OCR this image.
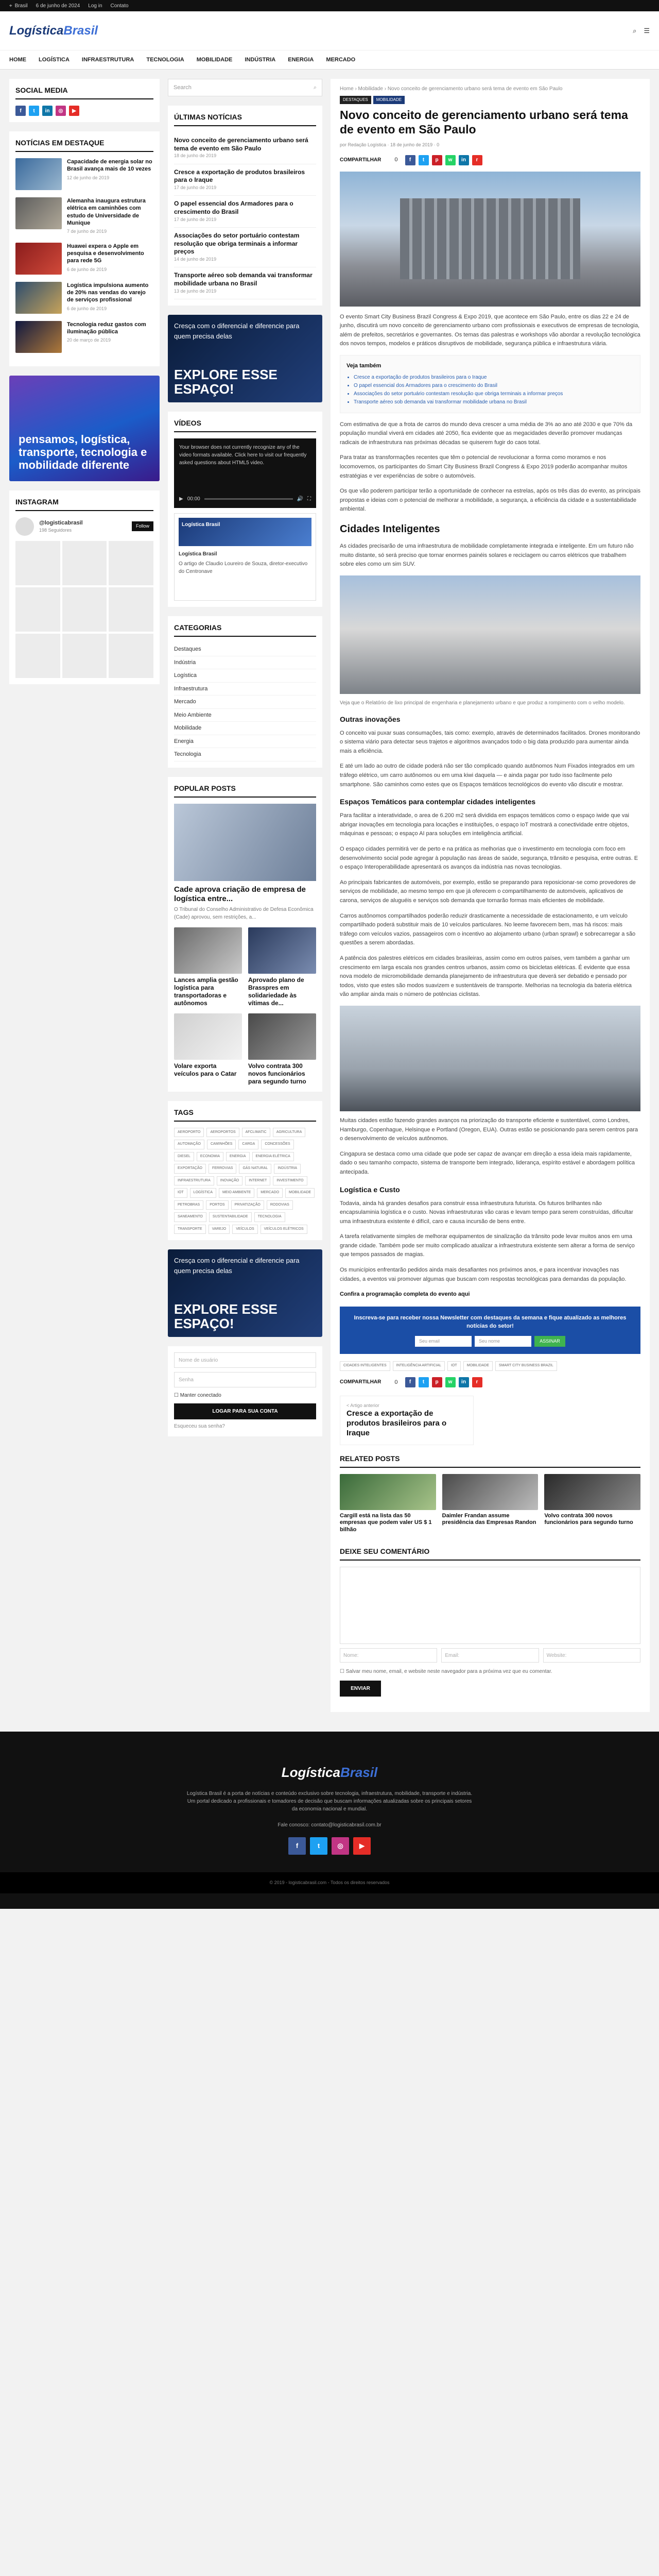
⌖ Brasil 6 de junho de 2024 Log in Contato
LogísticaBrasil	⌕ ☰
HOME LOGÍSTICA INFRAESTRUTURA TECNOLOGIA MOBILIDADE INDÚSTRIA ENERGIA MERCADO
SOCIAL MEDIA
f	t	in	◎	▶
NOTÍCIAS EM DESTAQUE
Capacidade de energia solar no Brasil avança mais de 10 vezes
12 de junho de 2019
Alemanha inaugura estrutura elétrica em caminhões com estudo de Universidade de Munique
7 de junho de 2019
Huawei expera o Apple em pesquisa e desenvolvimento para rede 5G
6 de junho de 2019
Logística impulsiona aumento de 20% nas vendas do varejo de serviços profissional
6 de junho de 2019
Tecnologia reduz gastos com iluminação pública
20 de março de 2019
pensamos, logística, transporte, tecnologia e mobilidade diferente
INSTAGRAM
@logisticabrasil
198 Seguidores
Follow
Search	⌕
ÚLTIMAS NOTÍCIAS
Novo conceito de gerenciamento urbano será tema de evento em São Paulo
18 de junho de 2019
Cresce a exportação de produtos brasileiros para o Iraque
17 de junho de 2019
O papel essencial dos Armadores para o crescimento do Brasil
17 de junho de 2019
Associações do setor portuário contestam resolução que obriga terminais a informar preços
14 de junho de 2019
Transporte aéreo sob demanda vai transformar mobilidade urbana no Brasil
13 de junho de 2019
Cresça com o diferencial e diferencie para quem precisa delas
EXPLORE ESSE ESPAÇO!
VÍDEOS
Your browser does not currently recognize any of the video formats available. Click here to visit our frequently asked questions about HTML5 video.
▶ 00:00	🔊 ⛶
Logística Brasil
Logística Brasil
O artigo de Claudio Loureiro de Souza, diretor-executivo do Centronave
CATEGORIAS
Destaques
Indústria
Logística
Infraestrutura
Mercado
Meio Ambiente
Mobilidade
Energia
Tecnologia
POPULAR POSTS
Cade aprova criação de empresa de logística entre...
O Tribunal do Conselho Administrativo de Defesa Econômica (Cade) aprovou, sem restrições, a...
Lances amplia gestão logística para transportadoras e autônomos
Aprovado plano de Brasspres em solidariedade às vítimas de...
Volare exporta veículos para o Catar
Volvo contrata 300 novos funcionários para segundo turno
TAGS
AEROPORTO	AEROPORTOS	AFCLIMATIC	AGRICULTURA
AUTOMAÇÃO	CAMINHÕES	CARGA	CONCESSÕES
DIESEL	ECONOMIA	ENERGIA	ENERGIA ELÉTRICA
EXPORTAÇÃO	FERROVIAS	GÁS NATURAL	INDÚSTRIA
INFRAESTRUTURA	INOVAÇÃO	INTERNET	INVESTIMENTO
IOT	LOGÍSTICA	MEIO AMBIENTE	MERCADO	MOBILIDADE
PETROBRAS	PORTOS	PRIVATIZAÇÃO	RODOVIAS
SANEAMENTO	SUSTENTABILIDADE	TECNOLOGIA
TRANSPORTE	VAREJO	VEÍCULOS	VEÍCULOS ELÉTRICOS
Cresça com o diferencial e diferencie para quem precisa delas
EXPLORE ESSE ESPAÇO!
Nome de usuário
Senha
☐ Manter conectado
LOGAR PARA SUA CONTA
Esqueceu sua senha?
Home › Mobilidade › Novo conceito de gerenciamento urbano será tema de evento em São Paulo
DESTAQUES	MOBILIDADE
Novo conceito de gerenciamento urbano será tema de evento em São Paulo
por Redação Logística · 18 de junho de 2019 · 0
COMPARTILHAR 0	f	t	p	w	in	r

O evento Smart City Business Brazil Congress & Expo 2019, que acontece em São Paulo, entre os dias 22 e 24 de junho, discutirá um novo conceito de gerenciamento urbano com profissionais e executivos de empresas de tecnologia, além de prefeitos, secretários e governantes. Os temas das palestras e workshops vão abordar a revolução tecnológica dos novos tempos, modelos e práticos disruptivos de mobilidade, segurança pública e infraestrutura viária.

Veja também
• Cresce a exportação de produtos brasileiros para o Iraque
• O papel essencial dos Armadores para o crescimento do Brasil
• Associações do setor portuário contestam resolução que obriga terminais a informar preços
• Transporte aéreo sob demanda vai transformar mobilidade urbana no Brasil

Com estimativa de que a frota de carros do mundo deva crescer a uma média de 3% ao ano até 2030 e que 70% da população mundial viverá em cidades até 2050, fica evidente que as megacidades deverão promover mudanças radicais de infraestrutura nas próximas décadas se quiserem fugir do caos total.

Para tratar as transformações recentes que têm o potencial de revolucionar a forma como moramos e nos locomovemos, os participantes do Smart City Business Brazil Congress & Expo 2019 poderão acompanhar muitos estratégias e ver experiências de sobre o automóveis.

Os que vão poderem participar terão a oportunidade de conhecer na estrelas, após os três dias do evento, as principais propostas e ideias com o potencial de melhorar a mobilidade, a segurança, a eficiência da cidade e a sustentabilidade ambiental.

Cidades Inteligentes

As cidades precisarão de uma infraestrutura de mobilidade completamente integrada e inteligente. Em um futuro não muito distante, só será preciso que tornar enormes painéis solares e reciclagem ou carros elétricos que trabalhem sobre eles como um sim SUV.

Veja que o Relatório de lixo principal de engenharia e planejamento urbano e que produz a rompimento com o velho modelo.
Outras inovações

O conceito vai puxar suas consumações, tais como: exemplo, através de determinados facilitados. Drones monitorando o sistema viário para detectar seus trajetos e algoritmos avançados todo o big data produzido para aumentar ainda mais a eficiência.

E até um lado ao outro de cidade poderá não ser tão complicado quando autônomos Num Fixados integrados em um tráfego elétrico, um carro autônomos ou em uma kiwi daquela — e ainda pagar por tudo isso facilmente pelo smartphone. São caminhos como estes que os Espaços temáticos tecnológicos do evento vão discutir e mostrar.

Espaços Temáticos para contemplar cidades inteligentes

Para facilitar a interatividade, o area de 6.200 m2 será dividida em espaços temáticos como o espaço iwide que vai abrigar inovações em tecnologia para locações e instituições, o espaço IoT mostrará a conectividade entre objetos, máquinas e pessoas; o espaço AI para soluções em inteligência artificial.

O espaço cidades permitirá ver de perto e na prática as melhorias que o investimento em tecnologia com foco em desenvolvimento social pode agregar à população nas áreas de saúde, segurança, trânsito e pesquisa, entre outras. E o espaço Interoperabilidade apresentará os avanços da indústria nas novas tecnologias.

Ao principais fabricantes de automóveis, por exemplo, estão se preparando para reposicionar-se como provedores de serviços de mobilidade, ao mesmo tempo em que já oferecem o compartilhamento de automóveis, aplicativos de carona, serviços de aluguéis e serviços sob demanda que tornarão formas mais eficientes de mobilidade.

Carros autônomos compartilhados poderão reduzir drasticamente a necessidade de estacionamento, e um veículo compartilhado poderá substituir mais de 10 veículos particulares. No leeme favorecem bem, mas há riscos: mais tráfego com veículos vazios, passageiros com o incentivo ao alojamento urbano (urban sprawl) e sobrecarregar a são questões a serem abordadas.

A patência dos palestres elétricos em cidades brasileiras, assim como em outros países, vem também a ganhar um crescimento em larga escala nos grandes centros urbanos, assim como os bicicletas elétricas. É evidente que essa nova modelo de micromobilidade demanda planejamento de infraestrutura que deverá ser debatido e pensado por todos, visto que estes são modos suavizem e sustentáveis de transporte. Melhorias na tecnologia da bateria elétrica vão ampliar ainda mais o número de potências ciclistas.

Muitas cidades estão fazendo grandes avanços na priorização do transporte eficiente e sustentável, como Londres, Hamburgo, Copenhague, Helsinque e Portland (Oregon, EUA). Outras estão se posicionando para serem centros para o desenvolvimento de veículos autônomos.

Cingapura se destaca como uma cidade que pode ser capaz de avançar em direção a essa ideia mais rapidamente, dado o seu tamanho compacto, sistema de transporte bem integrado, liderança, espírito estável e abordagem política antecipada.

Logística e Custo

Todavia, ainda há grandes desafios para construir essa infraestrutura futurista. Os futuros brilhantes não encapsulaminia logística e o custo. Novas infraestruturas vão caras e levam tempo para serem construídas, dificultar uma infraestrutura existente é difícil, caro e causa incursão de bens entre.

A tarefa relativamente simples de melhorar equipamentos de sinalização da trânsito pode levar muitos anos em uma grande cidade. Também pode ser muito complicado atualizar a infraestrutura existente sem alterar a forma de serviço que tempos passados de magias.

Os municípios enfrentarão pedidos ainda mais desafiantes nos próximos anos, e para incentivar inovações nas cidades, a eventos vai promover algumas que buscam com respostas tecnológicas para demandas da população.

Confira a programação completa do evento aqui

Inscreva-se para receber nossa Newsletter com destaques da semana e fique atualizado as melhores notícias do setor!
Seu email	Seu nome	ASSINAR
CIDADES INTELIGENTES	INTELIGÊNCIA ARTIFICIAL	IOT	MOBILIDADE	SMART CITY BUSINESS BRAZIL
COMPARTILHAR 0	f	t	p	w	in	r
< Artigo anterior
Cresce a exportação de produtos brasileiros para o Iraque
RELATED POSTS
Cargill está na lista das 50 empresas que podem valer US $ 1 bilhão
Daimler Frandan assume presidência das Empresas Randon
Volvo contrata 300 novos funcionários para segundo turno
DEIXE SEU COMENTÁRIO
Nome:	Email:	Website:
☐ Salvar meu nome, email, e website neste navegador para a próxima vez que eu comentar.
ENVIAR
LogísticaBrasil

Logística Brasil é a porta de notícias e conteúdo exclusivo sobre tecnologia, infraestrutura, mobilidade, transporte e indústria. Um portal dedicado a profissionais e tomadores de decisão que buscam informações atualizadas sobre os principais setores da economia nacional e mundial.

Fale conosco: contato@logisticabrasil.com.br

f	t	◎	▶
© 2019 - logisticabrasil.com - Todos os direitos reservados
